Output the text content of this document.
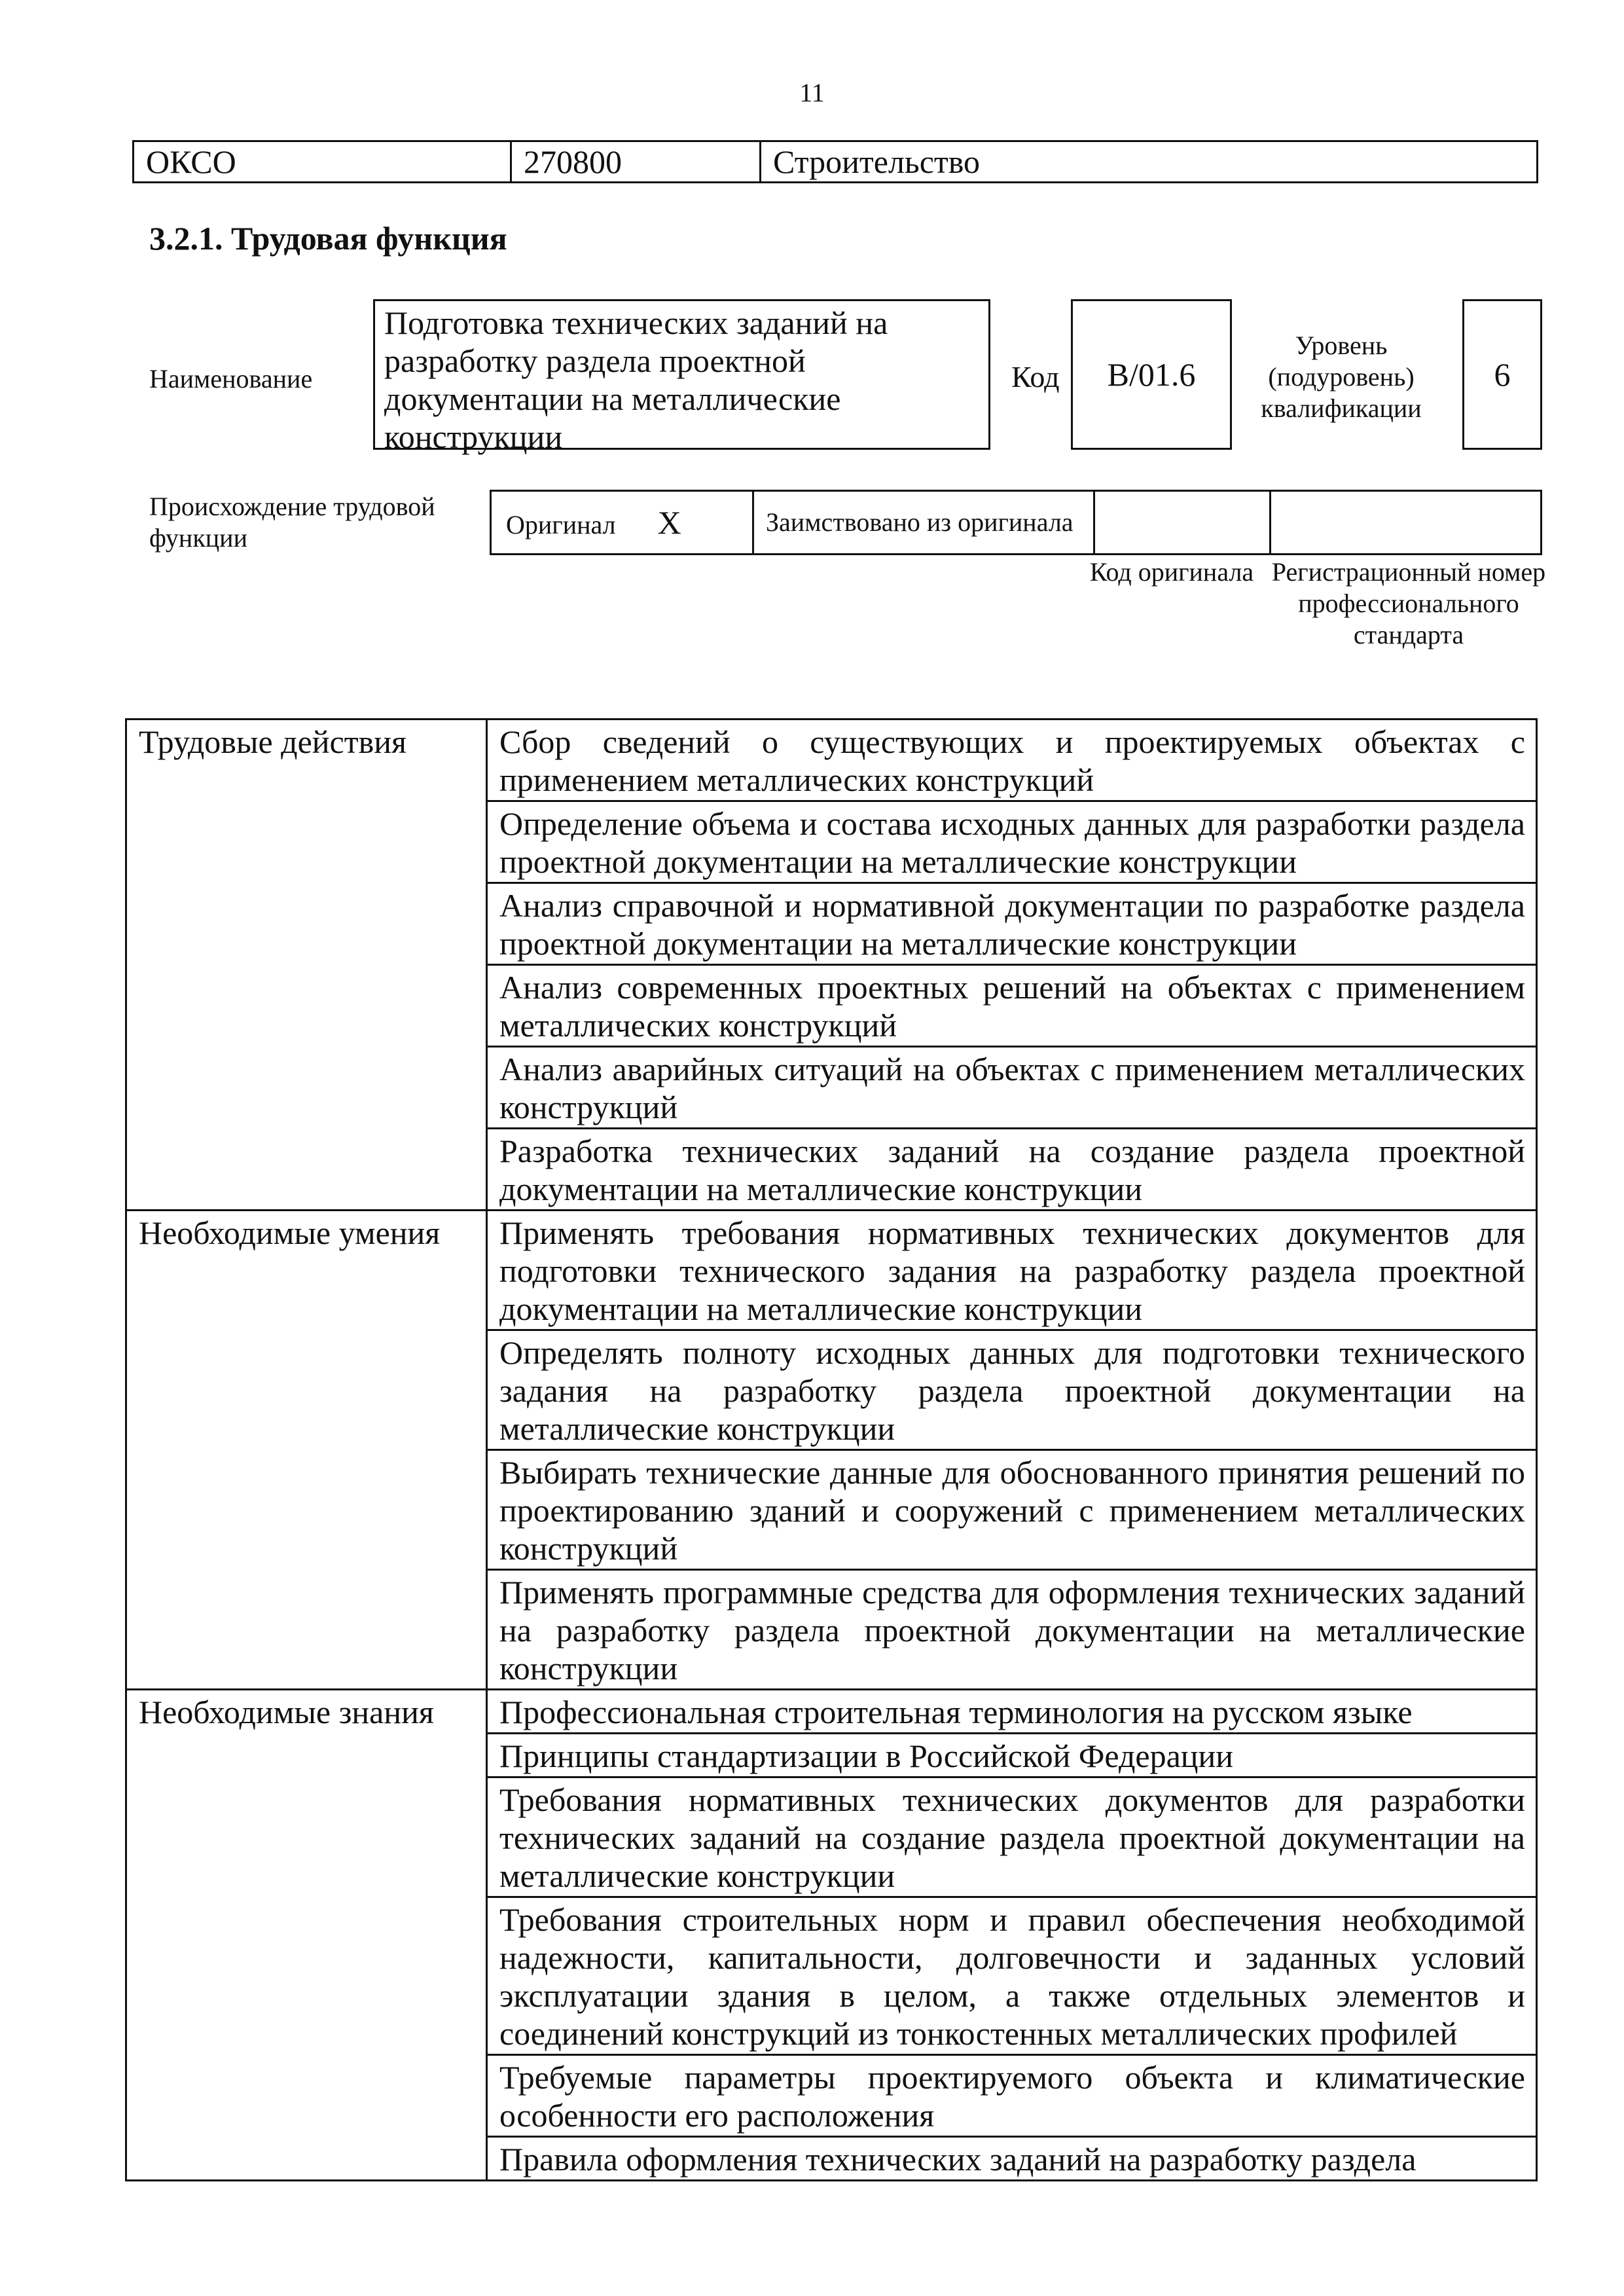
11
ОКСО	270800	Строительство
3.2.1. Трудовая функция
Наименование
Подготовка технических заданий на разработку раздела проектной документации на металлические конструкции
Код	B/01.6
Уровень (подуровень) квалификации
6
Происхождение трудовой функции	Оригинал X	Заимствовано из оригинала		
Код оригинала Регистрационный номер профессионального стандарта
Трудовые действия	Сбор сведений о существующих и проектируемых объектах с применением металлических конструкций
	Определение объема и состава исходных данных для разработки раздела проектной документации на металлические конструкции
	Анализ справочной и нормативной документации по разработке раздела проектной документации на металлические конструкции
	Анализ современных проектных решений на объектах с применением металлических конструкций
	Анализ аварийных ситуаций на объектах с применением металлических конструкций
	Разработка технических заданий на создание раздела проектной документации на металлические конструкции
Необходимые умения	Применять требования нормативных технических документов для подготовки технического задания на разработку раздела проектной документации на металлические конструкции
	Определять полноту исходных данных для подготовки технического задания на разработку раздела проектной документации на металлические конструкции
	Выбирать технические данные для обоснованного принятия решений по проектированию зданий и сооружений с применением металлических конструкций
	Применять программные средства для оформления технических заданий на разработку раздела проектной документации на металлические конструкции
Необходимые знания	Профессиональная строительная терминология на русском языке
	Принципы стандартизации в Российской Федерации
	Требования нормативных технических документов для разработки технических заданий на создание раздела проектной документации на металлические конструкции
	Требования строительных норм и правил обеспечения необходимой надежности, капитальности, долговечности и заданных условий эксплуатации здания в целом, а также отдельных элементов и соединений конструкций из тонкостенных металлических профилей
	Требуемые параметры проектируемого объекта и климатические особенности его расположения
	Правила оформления технических заданий на разработку раздела
